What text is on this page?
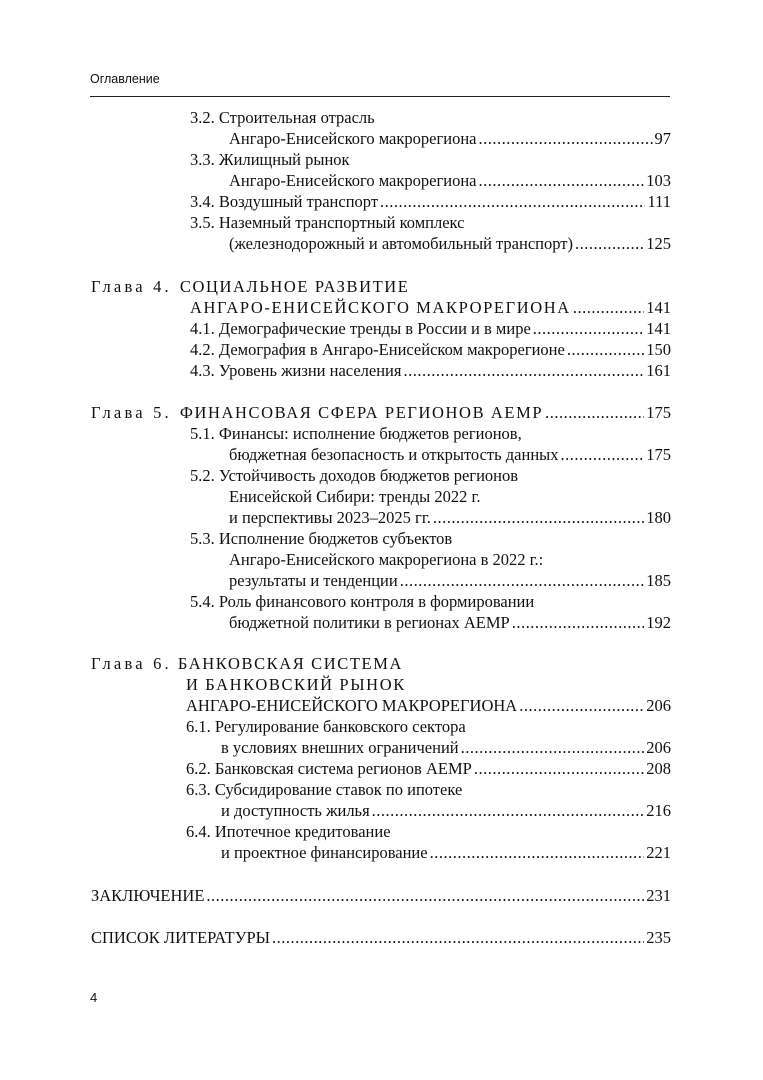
Оглавление
3.2. Строительная отрасль
Ангаро-Енисейского макрорегиона .....	97
3.3. Жилищный рынок
Ангаро-Енисейского макрорегиона .....	103
3.4. Воздушный транспорт .....	111
3.5. Наземный транспортный комплекс
(железнодорожный и автомобильный транспорт) .....	125
Глава 4. СОЦИАЛЬНОЕ РАЗВИТИЕ
АНГАРО-ЕНИСЕЙСКОГО МАКРОРЕГИОНА .....	141
4.1. Демографические тренды в России и в мире .....	141
4.2. Демография в Ангаро-Енисейском макрорегионе .....	150
4.3. Уровень жизни населения .....	161
Глава 5. ФИНАНСОВАЯ СФЕРА РЕГИОНОВ АЕМР .....	175
5.1. Финансы: исполнение бюджетов регионов,
бюджетная безопасность и открытость данных .....	175
5.2. Устойчивость доходов бюджетов регионов
Енисейской Сибири: тренды 2022 г.
и перспективы 2023–2025 гг. .....	180
5.3. Исполнение бюджетов субъектов
Ангаро-Енисейского макрорегиона в 2022 г.:
результаты и тенденции .....	185
5.4. Роль финансового контроля в формировании
бюджетной политики в регионах АЕМР .....	192
Глава 6. БАНКОВСКАЯ СИСТЕМА
И БАНКОВСКИЙ РЫНОК
АНГАРО-ЕНИСЕЙСКОГО МАКРОРЕГИОНА .....	206
6.1. Регулирование банковского сектора
в условиях внешних ограничений .....	206
6.2. Банковская система регионов АЕМР .....	208
6.3. Субсидирование ставок по ипотеке
и доступность жилья .....	216
6.4. Ипотечное кредитование
и проектное финансирование .....	221
ЗАКЛЮЧЕНИЕ .....	231
СПИСОК ЛИТЕРАТУРЫ .....	235
4
